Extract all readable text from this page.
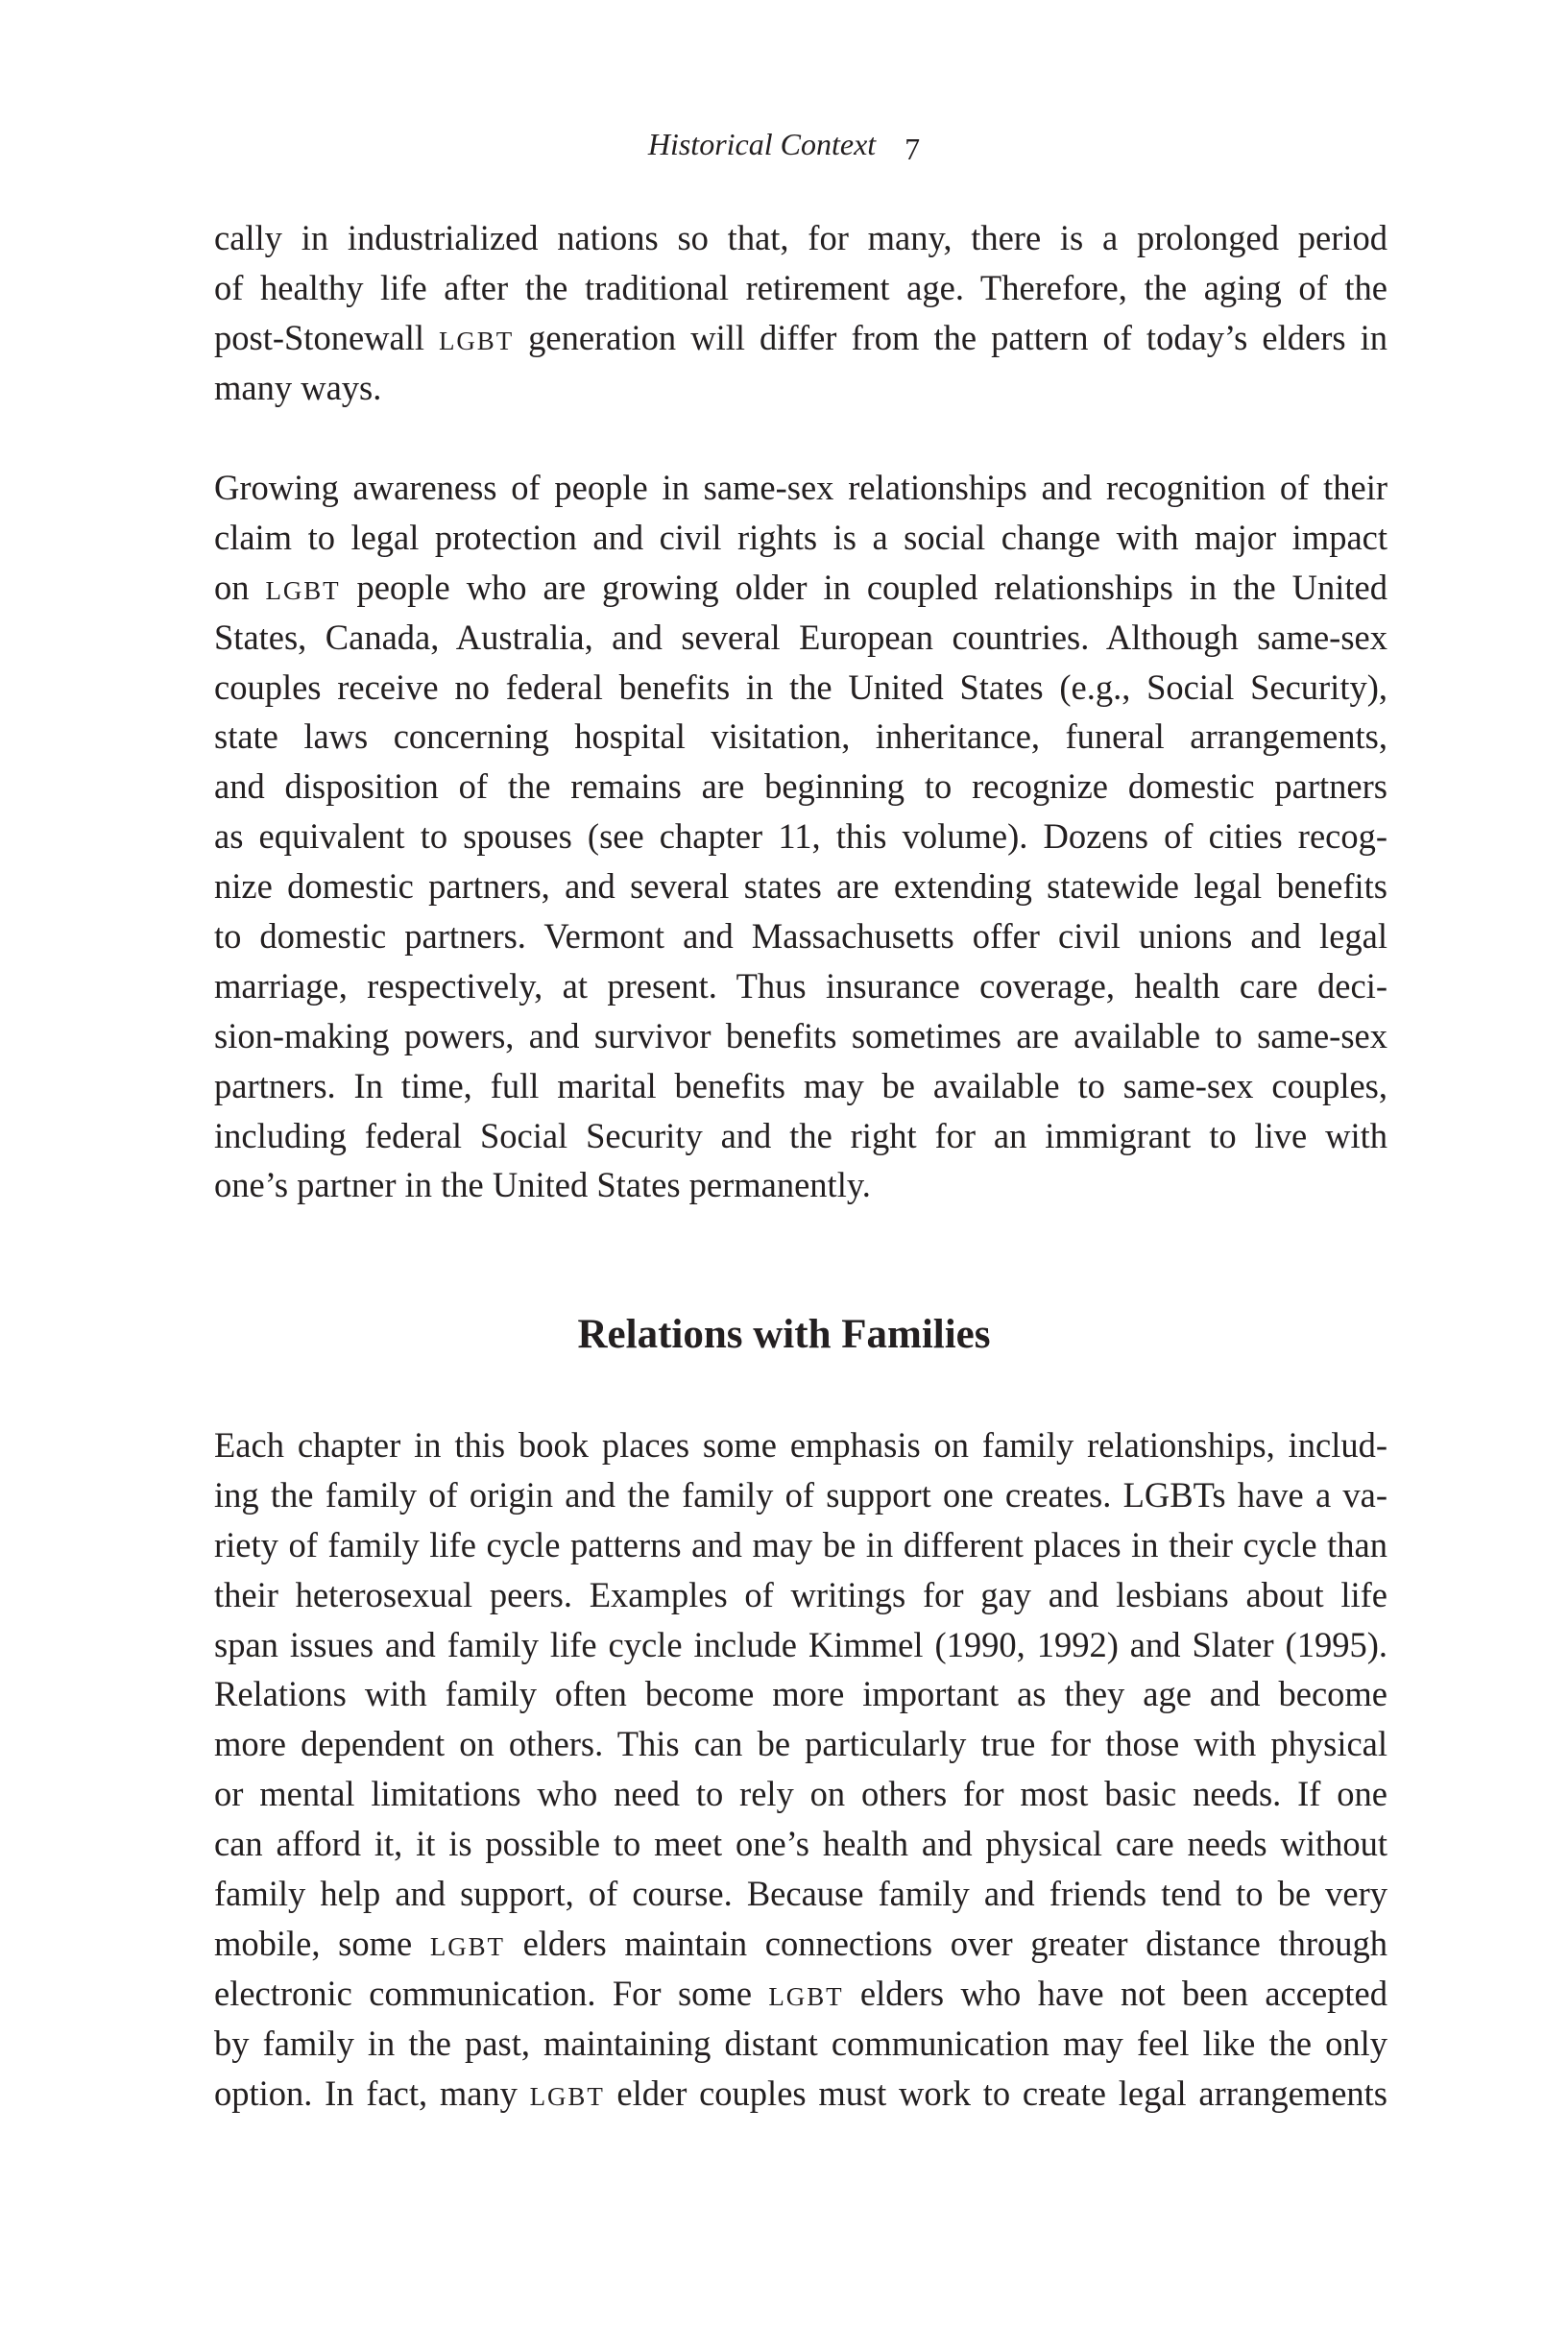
Historical Context 7
cally in industrialized nations so that, for many, there is a prolonged period
of healthy life after the traditional retirement age. Therefore, the aging of the
post-Stonewall LGBT generation will differ from the pattern of today’s elders in
many ways.
Growing awareness of people in same-sex relationships and recognition of their
claim to legal protection and civil rights is a social change with major impact
on LGBT people who are growing older in coupled relationships in the United
States, Canada, Australia, and several European countries. Although same-sex
couples receive no federal benefits in the United States (e.g., Social Security),
state laws concerning hospital visitation, inheritance, funeral arrangements,
and disposition of the remains are beginning to recognize domestic partners
as equivalent to spouses (see chapter 11, this volume). Dozens of cities recog-
nize domestic partners, and several states are extending statewide legal benefits
to domestic partners. Vermont and Massachusetts offer civil unions and legal
marriage, respectively, at present. Thus insurance coverage, health care deci-
sion-making powers, and survivor benefits sometimes are available to same-sex
partners. In time, full marital benefits may be available to same-sex couples,
including federal Social Security and the right for an immigrant to live with
one’s partner in the United States permanently.
Relations with Families
Each chapter in this book places some emphasis on family relationships, includ-
ing the family of origin and the family of support one creates. LGBTs have a va-
riety of family life cycle patterns and may be in different places in their cycle than
their heterosexual peers. Examples of writings for gay and lesbians about life
span issues and family life cycle include Kimmel (1990, 1992) and Slater (1995).
Relations with family often become more important as they age and become
more dependent on others. This can be particularly true for those with physical
or mental limitations who need to rely on others for most basic needs. If one
can afford it, it is possible to meet one’s health and physical care needs without
family help and support, of course. Because family and friends tend to be very
mobile, some LGBT elders maintain connections over greater distance through
electronic communication. For some LGBT elders who have not been accepted
by family in the past, maintaining distant communication may feel like the only
option. In fact, many LGBT elder couples must work to create legal arrangements
